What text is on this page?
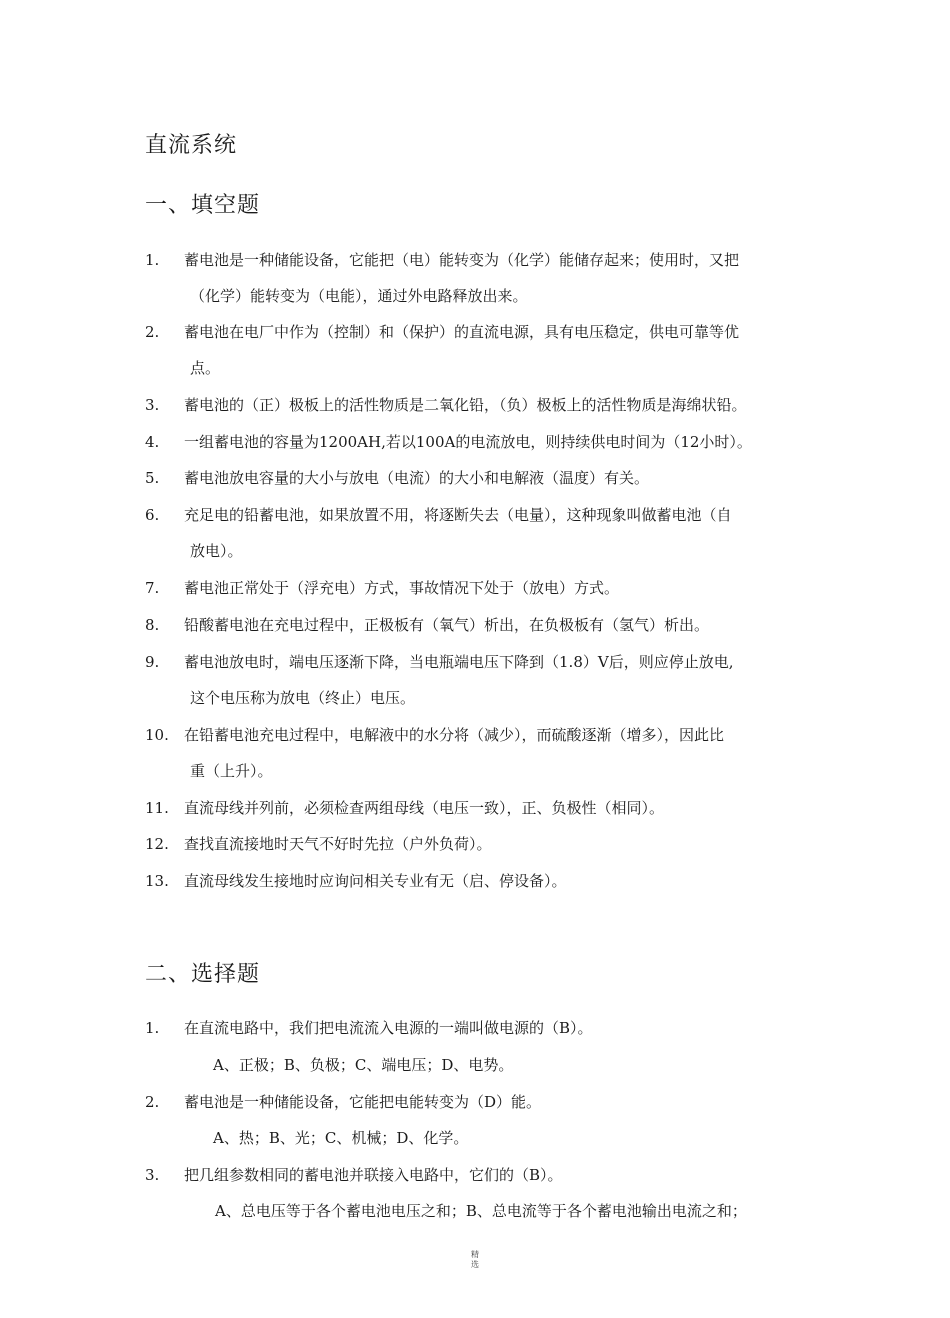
直流系统
一、填空题
1.	蓄电池是一种储能设备，它能把（电）能转变为（化学）能储存起来；使用时，又把
（化学）能转变为（电能），通过外电路释放出来。
2.	蓄电池在电厂中作为（控制）和（保护）的直流电源，具有电压稳定，供电可靠等优
点。
3.	蓄电池的（正）极板上的活性物质是二氧化铅，（负）极板上的活性物质是海绵状铅。
4.	一组蓄电池的容量为1200AH,若以100A的电流放电，则持续供电时间为（12小时）。
5.	蓄电池放电容量的大小与放电（电流）的大小和电解液（温度）有关。
6.	充足电的铅蓄电池，如果放置不用，将逐断失去（电量），这种现象叫做蓄电池（自
放电）。
7.	蓄电池正常处于（浮充电）方式，事故情况下处于（放电）方式。
8.	铅酸蓄电池在充电过程中，正极板有（氧气）析出，在负极板有（氢气）析出。
9.	蓄电池放电时，端电压逐渐下降，当电瓶端电压下降到（1.8）V后，则应停止放电,
这个电压称为放电（终止）电压。
10.	在铅蓄电池充电过程中，电解液中的水分将（减少），而硫酸逐渐（增多），因此比
重（上升）。
11.	直流母线并列前，必须检查两组母线（电压一致），正、负极性（相同）。
12.	查找直流接地时天气不好时先拉（户外负荷）。
13.	直流母线发生接地时应询问相关专业有无（启、停设备）。
二、选择题
1.	在直流电路中，我们把电流流入电源的一端叫做电源的（B）。
A、正极；B、负极；C、端电压；D、电势。
2.	蓄电池是一种储能设备，它能把电能转变为（D）能。
A、热；B、光；C、机械；D、化学。
3.	把几组参数相同的蓄电池并联接入电路中，它们的（B）。
A、总电压等于各个蓄电池电压之和；B、总电流等于各个蓄电池输出电流之和；
精
选
